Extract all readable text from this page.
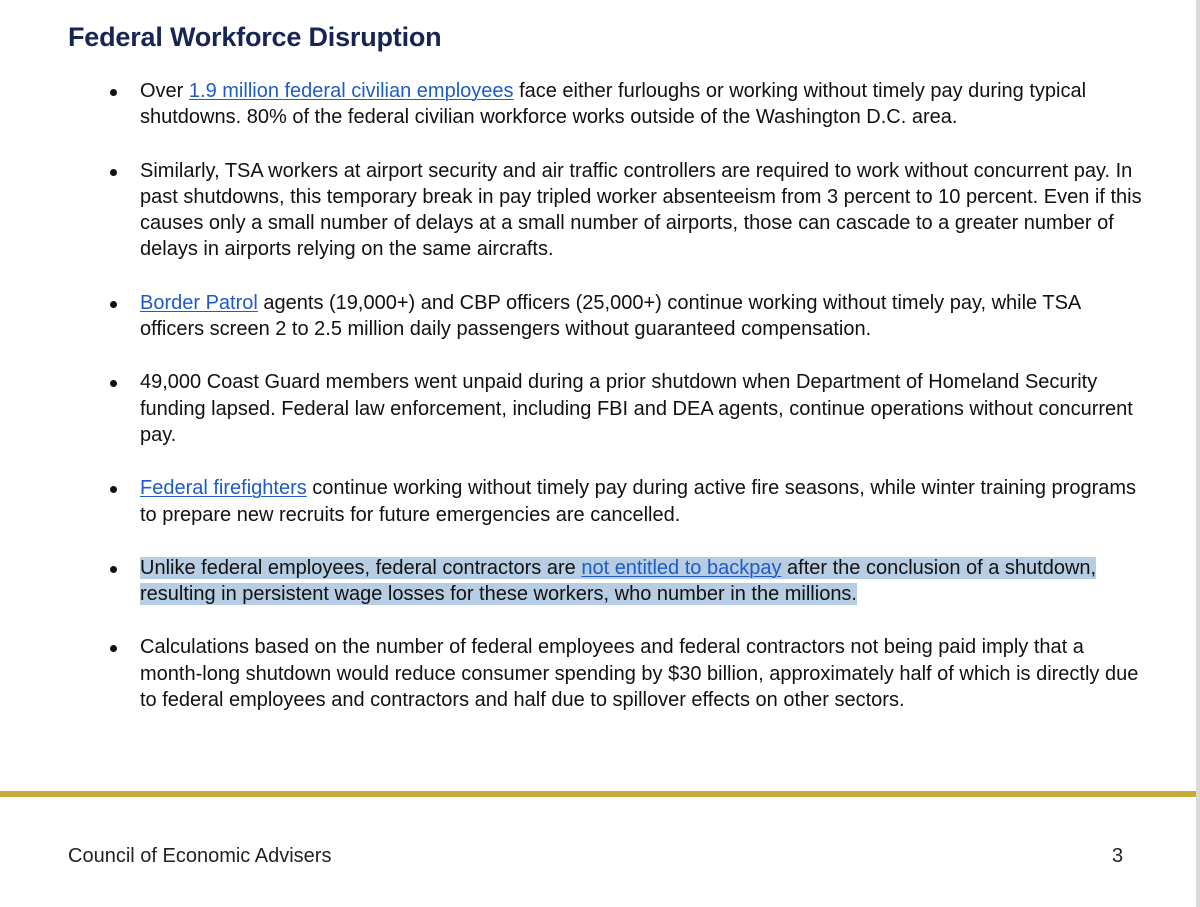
Federal Workforce Disruption
Over 1.9 million federal civilian employees face either furloughs or working without timely pay during typical shutdowns. 80% of the federal civilian workforce works outside of the Washington D.C. area.
Similarly, TSA workers at airport security and air traffic controllers are required to work without concurrent pay. In past shutdowns, this temporary break in pay tripled worker absenteeism from 3 percent to 10 percent. Even if this causes only a small number of delays at a small number of airports, those can cascade to a greater number of delays in airports relying on the same aircrafts.
Border Patrol agents (19,000+) and CBP officers (25,000+) continue working without timely pay, while TSA officers screen 2 to 2.5 million daily passengers without guaranteed compensation.
49,000 Coast Guard members went unpaid during a prior shutdown when Department of Homeland Security funding lapsed. Federal law enforcement, including FBI and DEA agents, continue operations without concurrent pay.
Federal firefighters continue working without timely pay during active fire seasons, while winter training programs to prepare new recruits for future emergencies are cancelled.
Unlike federal employees, federal contractors are not entitled to backpay after the conclusion of a shutdown, resulting in persistent wage losses for these workers, who number in the millions.
Calculations based on the number of federal employees and federal contractors not being paid imply that a month-long shutdown would reduce consumer spending by $30 billion, approximately half of which is directly due to federal employees and contractors and half due to spillover effects on other sectors.
Council of Economic Advisers	3
